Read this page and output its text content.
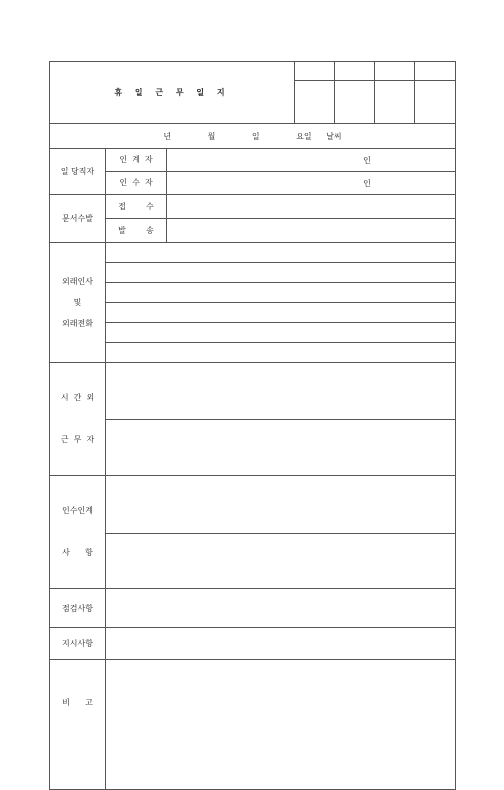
휴 일 근 무 일 지						

년 월 일 요일 날씨						
일 당직자	인  계  자	인				
	인  수  자	인				
문서수발	접        수					
	발        송					

외래인사
및
외래전화						

시  간  외

근  무  자						

인수인계

사      항						

점검사항						
지시사항						
비      고						
